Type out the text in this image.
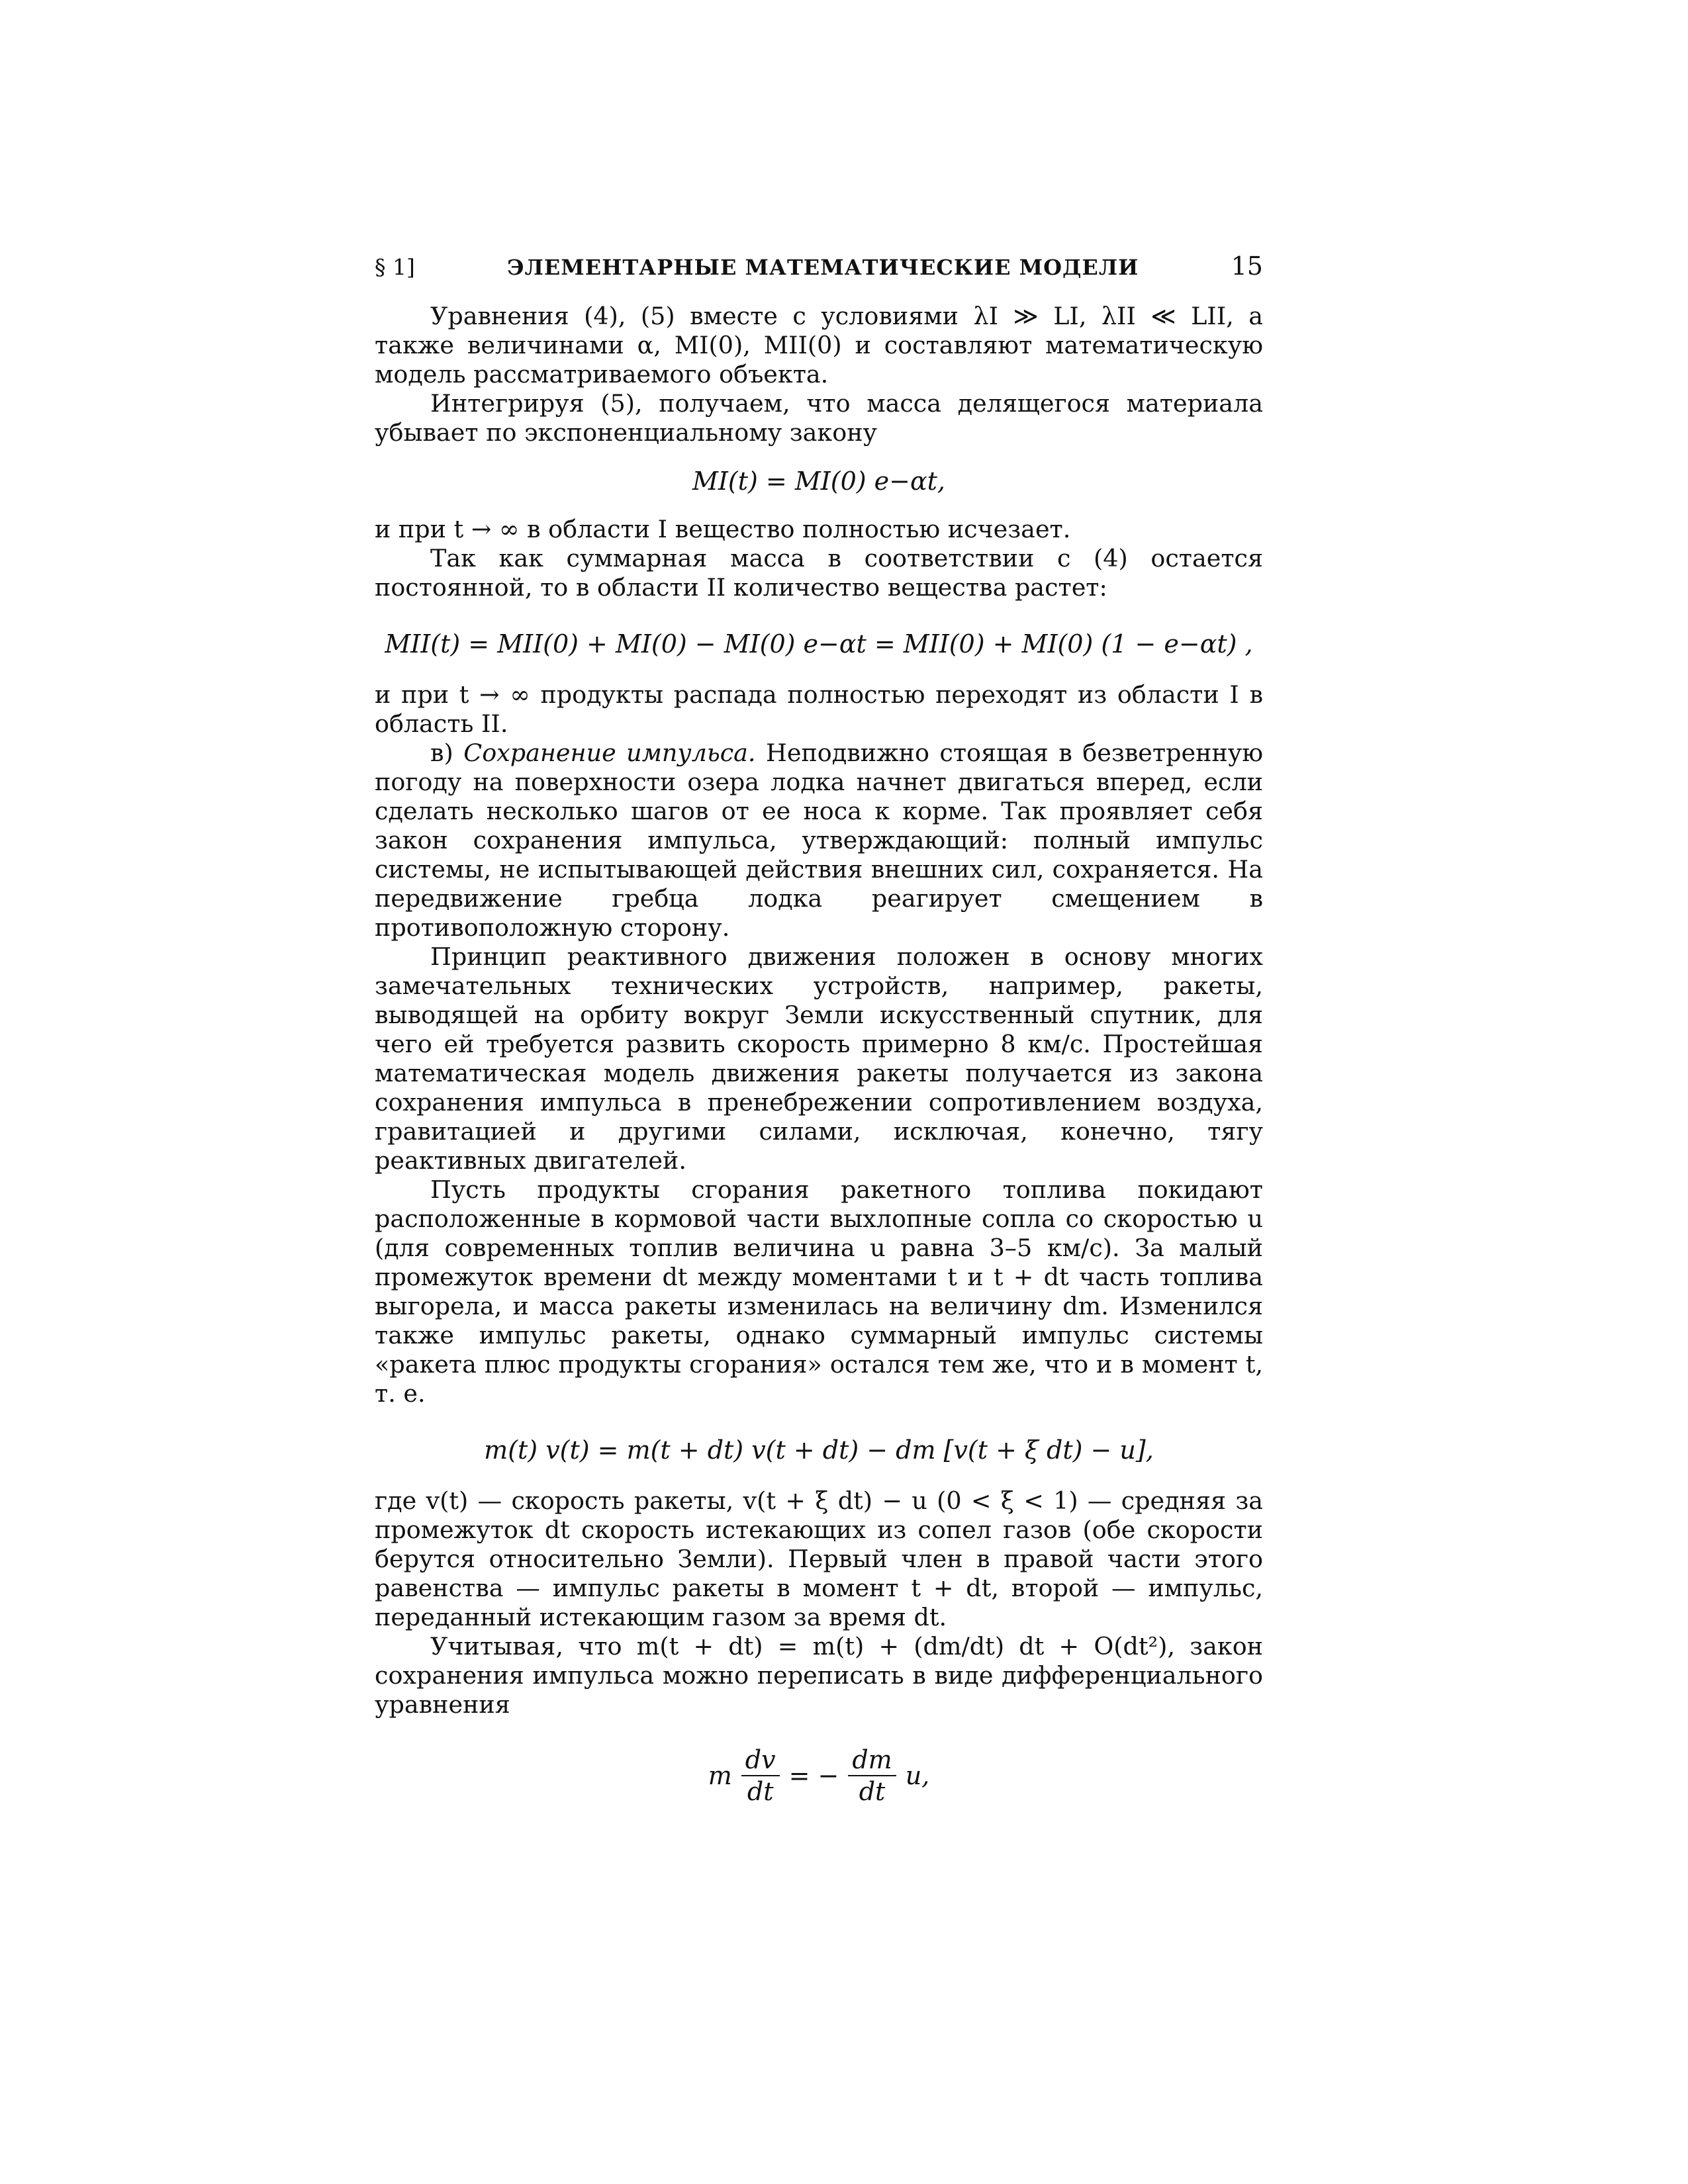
§ 1]	ЭЛЕМЕНТАРНЫЕ МАТЕМАТИЧЕСКИЕ МОДЕЛИ	15

Уравнения (4), (5) вместе с условиями λI ≫ LI, λII ≪ LII, а также величинами α, MI(0), MII(0) и составляют математическую модель рассматриваемого объекта.

Интегрируя (5), получаем, что масса делящегося материала убывает по экспоненциальному закону

MI(t) = MI(0) e−αt,

и при t → ∞ в области I вещество полностью исчезает.

Так как суммарная масса в соответствии с (4) остается постоянной, то в области II количество вещества растет:

MII(t) = MII(0) + MI(0) − MI(0) e−αt = MII(0) + MI(0) (1 − e−αt) ,

и при t → ∞ продукты распада полностью переходят из области I в область II.

в) Сохранение импульса. Неподвижно стоящая в безветренную погоду на поверхности озера лодка начнет двигаться вперед, если сделать несколько шагов от ее носа к корме. Так проявляет себя закон сохранения импульса, утверждающий: полный импульс системы, не испытывающей действия внешних сил, сохраняется. На передвижение гребца лодка реагирует смещением в противоположную сторону.

Принцип реактивного движения положен в основу многих замечательных технических устройств, например, ракеты, выводящей на орбиту вокруг Земли искусственный спутник, для чего ей требуется развить скорость примерно 8 км/с. Простейшая математическая модель движения ракеты получается из закона сохранения импульса в пренебрежении сопротивлением воздуха, гравитацией и другими силами, исключая, конечно, тягу реактивных двигателей.

Пусть продукты сгорания ракетного топлива покидают расположенные в кормовой части выхлопные сопла со скоростью u (для современных топлив величина u равна 3–5 км/с). За малый промежуток времени dt между моментами t и t + dt часть топлива выгорела, и масса ракеты изменилась на величину dm. Изменился также импульс ракеты, однако суммарный импульс системы «ракета плюс продукты сгорания» остался тем же, что и в момент t, т. е.

m(t) v(t) = m(t + dt) v(t + dt) − dm [v(t + ξ dt) − u],

где v(t) — скорость ракеты, v(t + ξ dt) − u (0 < ξ < 1) — средняя за промежуток dt скорость истекающих из сопел газов (обе скорости берутся относительно Земли). Первый член в правой части этого равенства — импульс ракеты в момент t + dt, второй — импульс, переданный истекающим газом за время dt.

Учитывая, что m(t + dt) = m(t) + (dm/dt) dt + O(dt²), закон сохранения импульса можно переписать в виде дифференциального уравнения

m $\frac{dv}{dt}$ = − $\frac{dm}{dt} u$,
